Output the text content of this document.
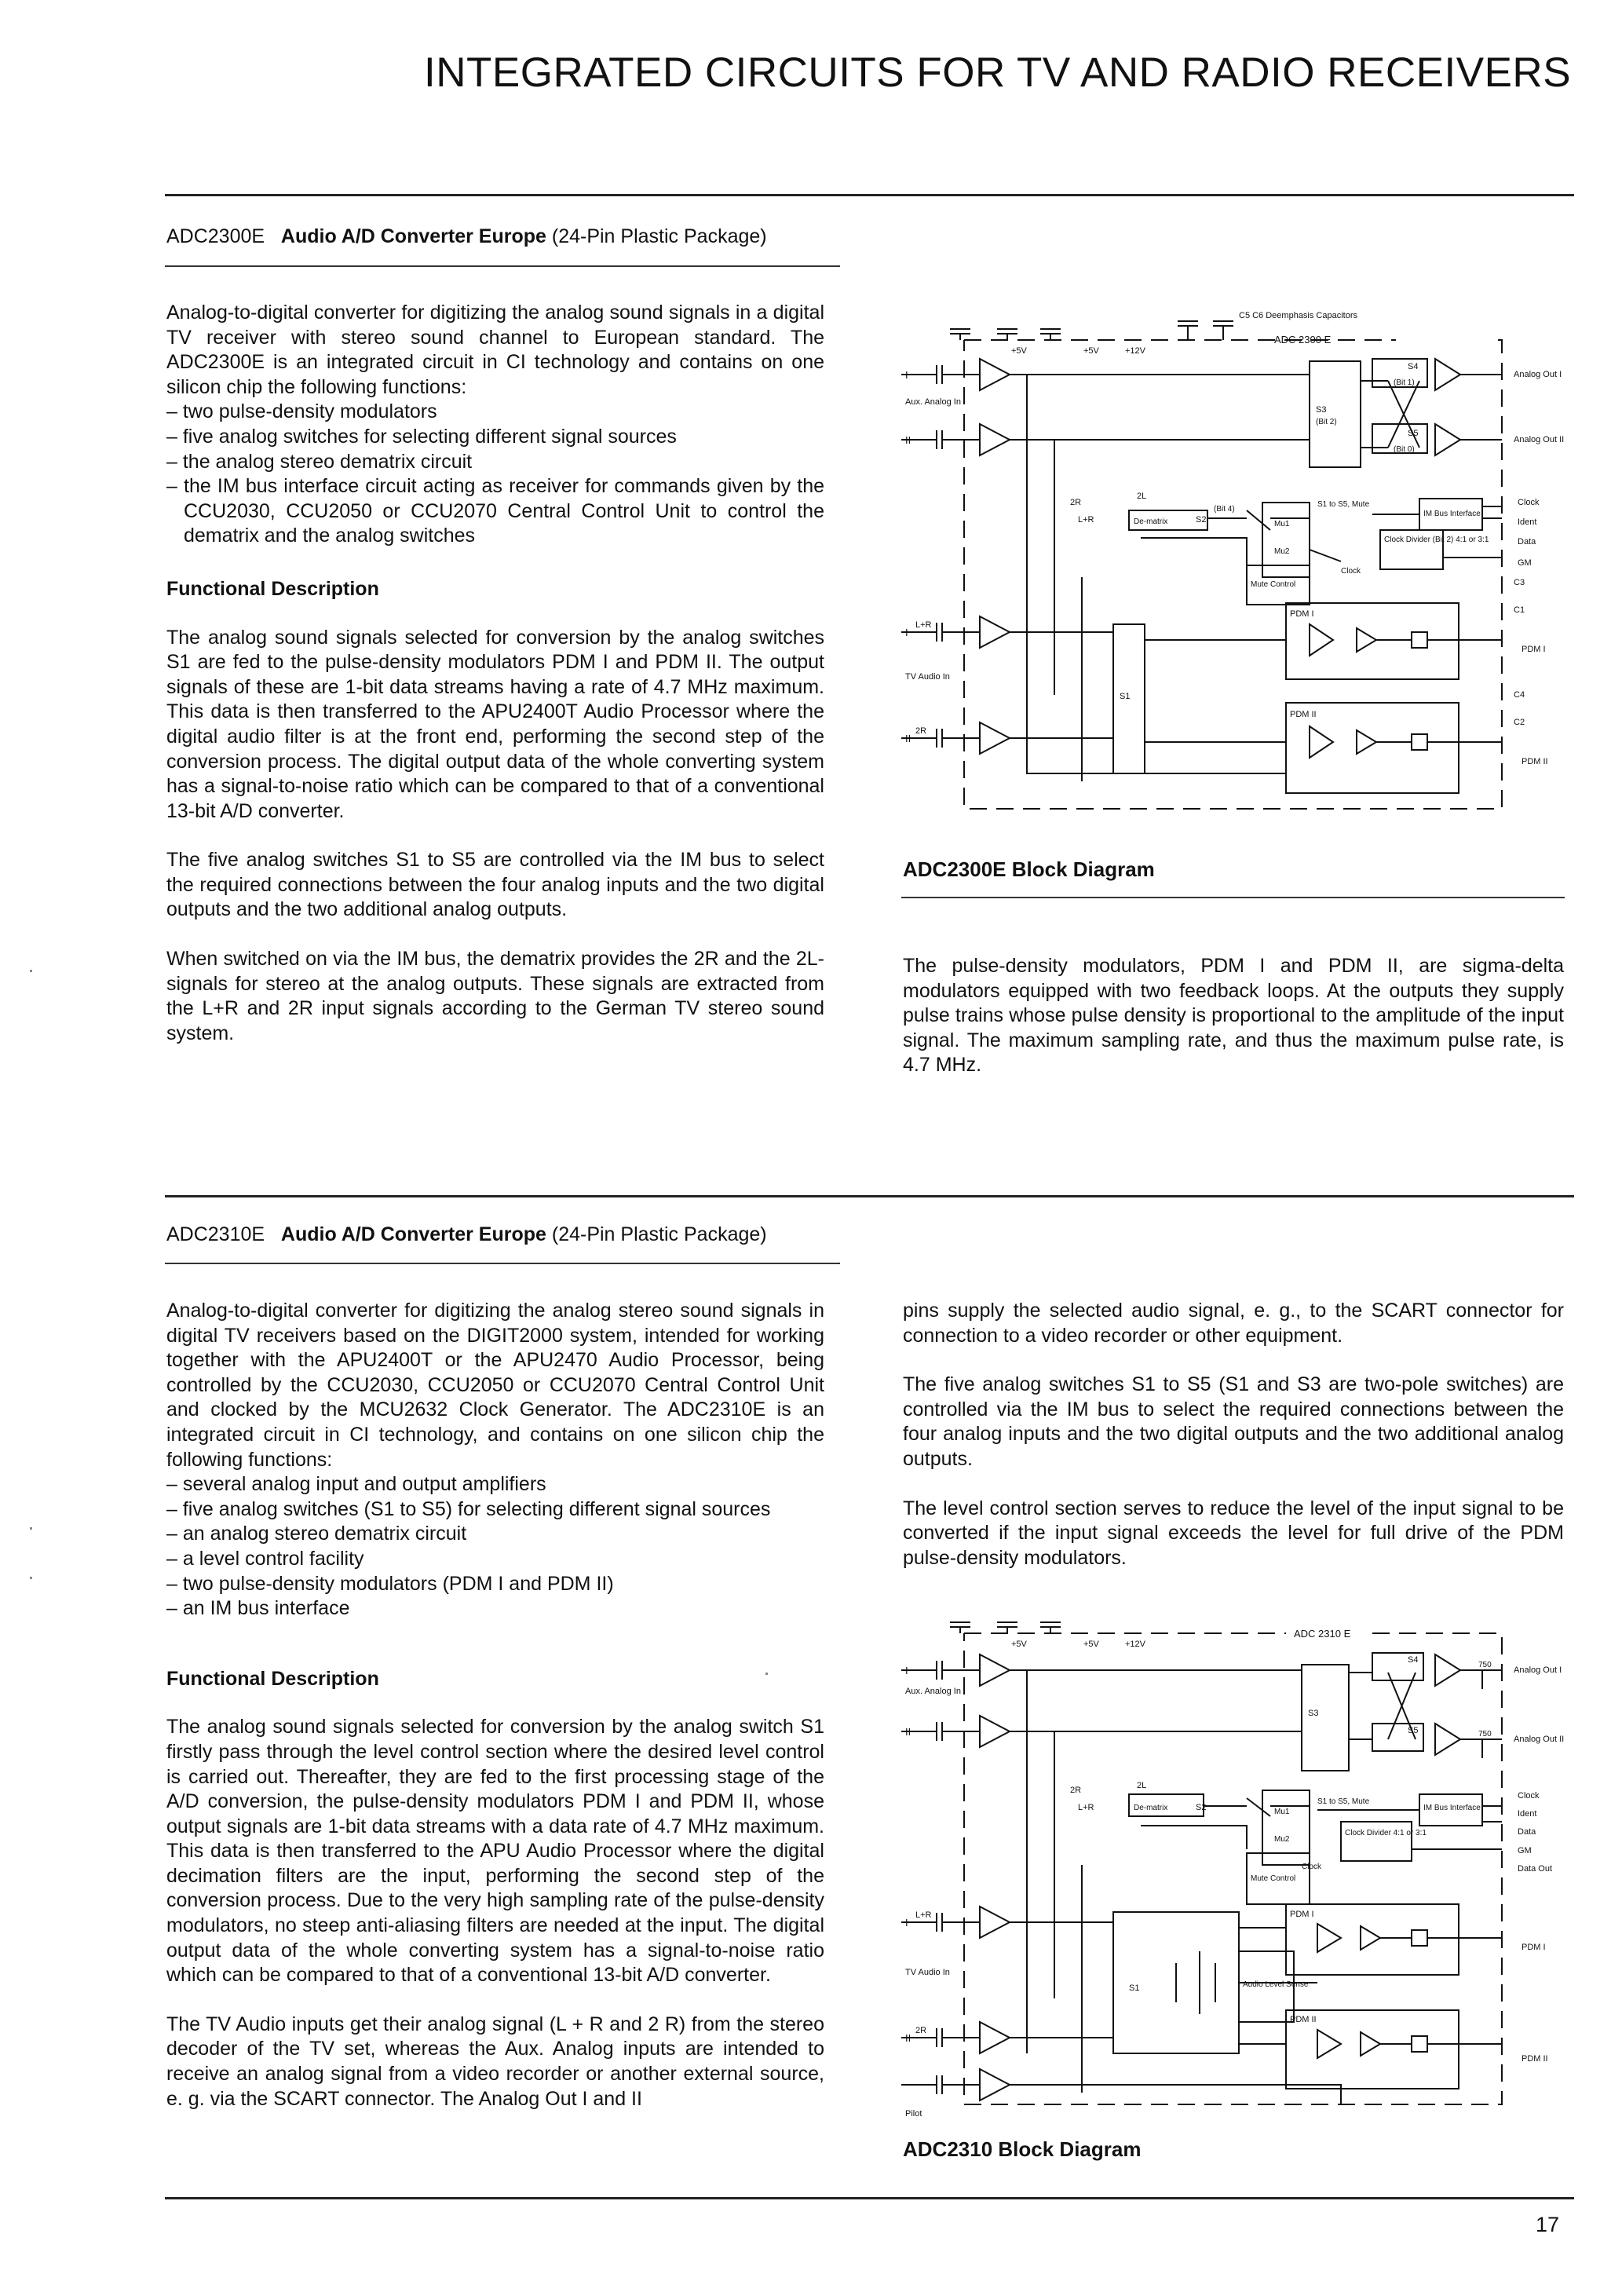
INTEGRATED CIRCUITS FOR TV AND RADIO RECEIVERS
ADC2300E Audio A/D Converter Europe (24-Pin Plastic Package)

Analog-to-digital converter for digitizing the analog sound signals in a digital TV receiver with stereo sound channel to European standard. The ADC2300E is an integrated circuit in CI technology and contains on one silicon chip the following functions:

– two pulse-density modulators
– five analog switches for selecting different signal sources
– the analog stereo dematrix circuit
– the IM bus interface circuit acting as receiver for commands given by the CCU2030, CCU2050 or CCU2070 Central Control Unit to control the dematrix and the analog switches
Functional Description

The analog sound signals selected for conversion by the analog switches S1 are fed to the pulse-density modulators PDM I and PDM II. The output signals of these are 1-bit data streams having a rate of 4.7 MHz maximum. This data is then transferred to the APU2400T Audio Processor where the digital audio filter is at the front end, performing the second step of the conversion process. The digital output data of the whole converting system has a signal-to-noise ratio which can be compared to that of a conventional 13-bit A/D converter.

The five analog switches S1 to S5 are controlled via the IM bus to select the required connections between the four analog inputs and the two digital outputs and the two additional analog outputs.

When switched on via the IM bus, the dematrix provides the 2R and the 2L-signals for stereo at the analog outputs. These signals are extracted from the L+R and 2R input signals according to the German TV stereo sound system.

ADC 2300 E
C5 C6 Deemphasis Capacitors
+5V	+5V	+12V
Aux. Analog In
TV Audio In
I
II
I
II
L+R
2R
S3
(Bit 2)
S4
(Bit 1)
S5
(Bit 0)
Analog Out I
Analog Out II
2R
2L
L+R	De-matrix	S2
(Bit 4)
Mu1
Mu2
Mute Control
S1 to S5, Mute
IM Bus Interface
Clock Divider (Bit 2) 4:1 or 3:1
Clock
Clock
Ident
Data
GM
S1
PDM I
PDM II
PDM I
PDM II
C3
C1
C4
C2
ADC2300E Block Diagram

The pulse-density modulators, PDM I and PDM II, are sigma-delta modulators equipped with two feedback loops. At the outputs they supply pulse trains whose pulse density is proportional to the amplitude of the input signal. The maximum sampling rate, and thus the maximum pulse rate, is 4.7 MHz.

ADC2310E Audio A/D Converter Europe (24-Pin Plastic Package)

Analog-to-digital converter for digitizing the analog stereo sound signals in digital TV receivers based on the DIGIT2000 system, intended for working together with the APU2400T or the APU2470 Audio Processor, being controlled by the CCU2030, CCU2050 or CCU2070 Central Control Unit and clocked by the MCU2632 Clock Generator. The ADC2310E is an integrated circuit in CI technology, and contains on one silicon chip the following functions:

– several analog input and output amplifiers
– five analog switches (S1 to S5) for selecting different signal sources
– an analog stereo dematrix circuit
– a level control facility
– two pulse-density modulators (PDM I and PDM II)
– an IM bus interface
Functional Description

The analog sound signals selected for conversion by the analog switch S1 firstly pass through the level control section where the desired level control is carried out. Thereafter, they are fed to the first processing stage of the A/D conversion, the pulse-density modulators PDM I and PDM II, whose output signals are 1-bit data streams with a data rate of 4.7 MHz maximum. This data is then transferred to the APU Audio Processor where the digital decimation filters are the input, performing the second step of the conversion process. Due to the very high sampling rate of the pulse-density modulators, no steep anti-aliasing filters are needed at the input. The digital output data of the whole converting system has a signal-to-noise ratio which can be compared to that of a conventional 13-bit A/D converter.

The TV Audio inputs get their analog signal (L + R and 2 R) from the stereo decoder of the TV set, whereas the Aux. Analog inputs are intended to receive an analog signal from a video recorder or another external source, e. g. via the SCART connector. The Analog Out I and II

pins supply the selected audio signal, e. g., to the SCART connector for connection to a video recorder or other equipment.

The five analog switches S1 to S5 (S1 and S3 are two-pole switches) are controlled via the IM bus to select the required connections between the four analog inputs and the two digital outputs and the two additional analog outputs.

The level control section serves to reduce the level of the input signal to be converted if the input signal exceeds the level for full drive of the PDM pulse-density modulators.

ADC 2310 E
+5V	+5V	+12V
Aux. Analog In
TV Audio In
Pilot
I
II
I
II
L+R
2R
S3
S4
S5
750
750
Analog Out I
Analog Out II
2R	2L
L+R	De-matrix	S2	Mu1
Mu2
Mute Control
S1 to S5, Mute
IM Bus Interface
Clock Divider 4:1 or 3:1
Clock
Clock
Ident
Data
GM
Data Out
S1	Audio Level Sense
PDM I
PDM II
PDM I
PDM II
ADC2310 Block Diagram
17
